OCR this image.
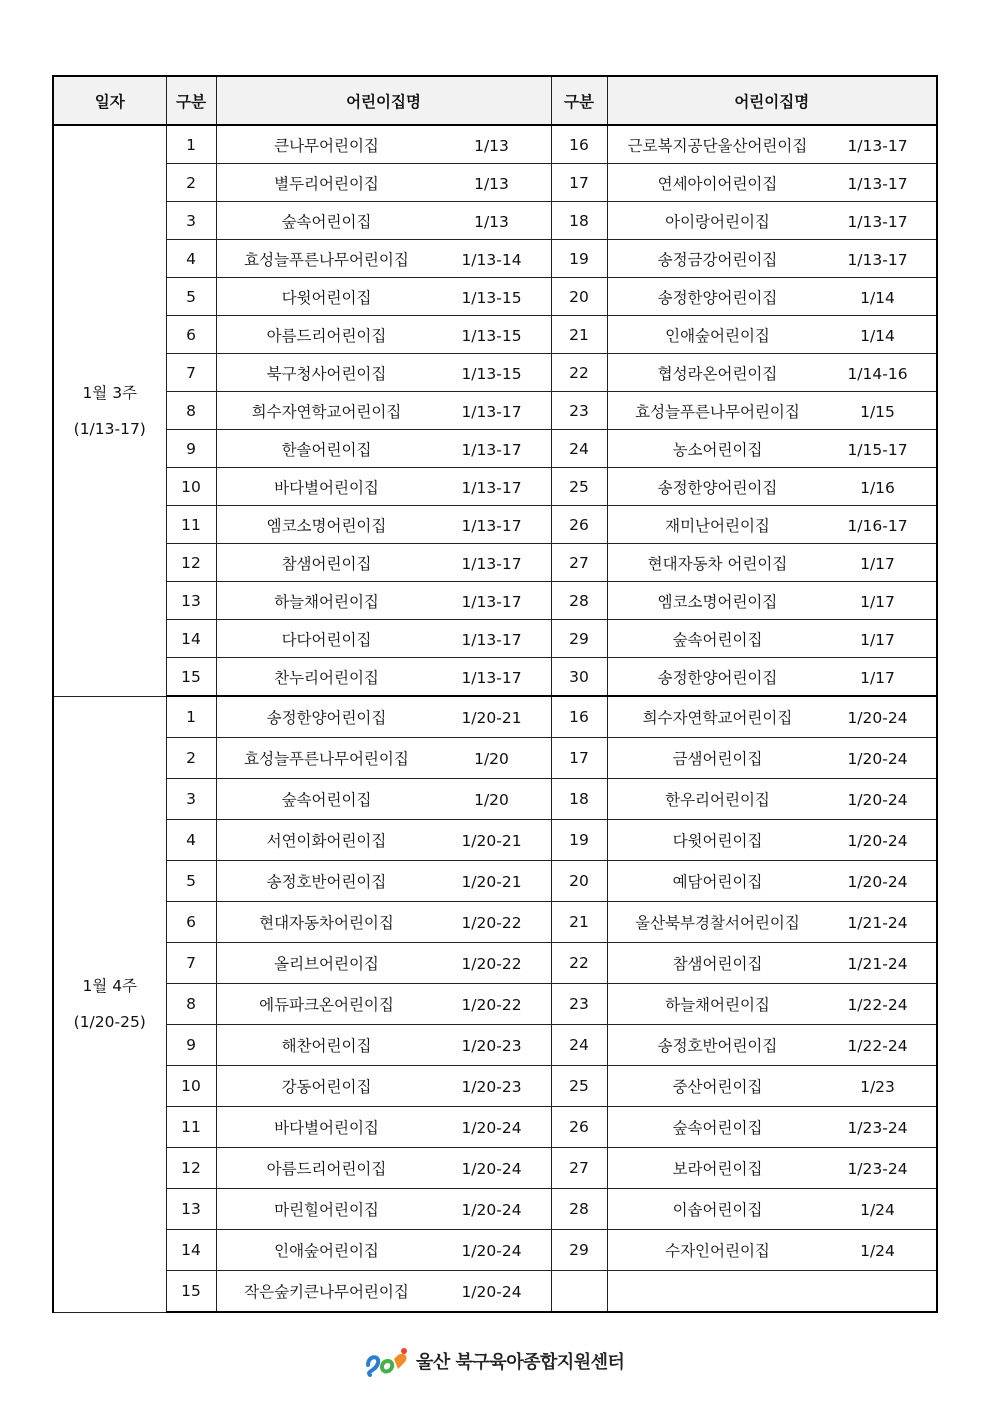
일자	구분	어린이집명	구분	어린이집명

1월 3주
(1/13-17)	1	큰나무어린이집 1/13	16	근로복지공단울산어린이집 1/13-17
	2	별두리어린이집 1/13	17	연세아이어린이집 1/13-17
	3	숲속어린이집 1/13	18	아이랑어린이집 1/13-17
	4	효성늘푸른나무어린이집 1/13-14	19	송정금강어린이집 1/13-17
	5	다윗어린이집 1/13-15	20	송정한양어린이집 1/14
	6	아름드리어린이집 1/13-15	21	인애숲어린이집 1/14
	7	북구청사어린이집 1/13-15	22	협성라온어린이집 1/14-16
	8	희수자연학교어린이집 1/13-17	23	효성늘푸른나무어린이집 1/15
	9	한솔어린이집 1/13-17	24	농소어린이집 1/15-17
	10	바다별어린이집 1/13-17	25	송정한양어린이집 1/16
	11	엠코소명어린이집 1/13-17	26	재미난어린이집 1/16-17
	12	참샘어린이집 1/13-17	27	현대자동차 어린이집 1/17
	13	하늘채어린이집 1/13-17	28	엠코소명어린이집 1/17
	14	다다어린이집 1/13-17	29	숲속어린이집 1/17
	15	찬누리어린이집 1/13-17	30	송정한양어린이집 1/17

1월 4주
(1/20-25)	1	송정한양어린이집 1/20-21	16	희수자연학교어린이집 1/20-24
	2	효성늘푸른나무어린이집 1/20	17	금샘어린이집 1/20-24
	3	숲속어린이집 1/20	18	한우리어린이집 1/20-24
	4	서연이화어린이집 1/20-21	19	다윗어린이집 1/20-24
	5	송정호반어린이집 1/20-21	20	예담어린이집 1/20-24
	6	현대자동차어린이집 1/20-22	21	울산북부경찰서어린이집 1/21-24
	7	올리브어린이집 1/20-22	22	참샘어린이집 1/21-24
	8	에듀파크온어린이집 1/20-22	23	하늘채어린이집 1/22-24
	9	해찬어린이집 1/20-23	24	송정호반어린이집 1/22-24
	10	강동어린이집 1/20-23	25	중산어린이집 1/23
	11	바다별어린이집 1/20-24	26	숲속어린이집 1/23-24
	12	아름드리어린이집 1/20-24	27	보라어린이집 1/23-24
	13	마린힐어린이집 1/20-24	28	이솝어린이집 1/24
	14	인애숲어린이집 1/20-24	29	수자인어린이집 1/24
	15	작은숲키큰나무어린이집 1/20-24		
울산 북구육아종합지원센터
